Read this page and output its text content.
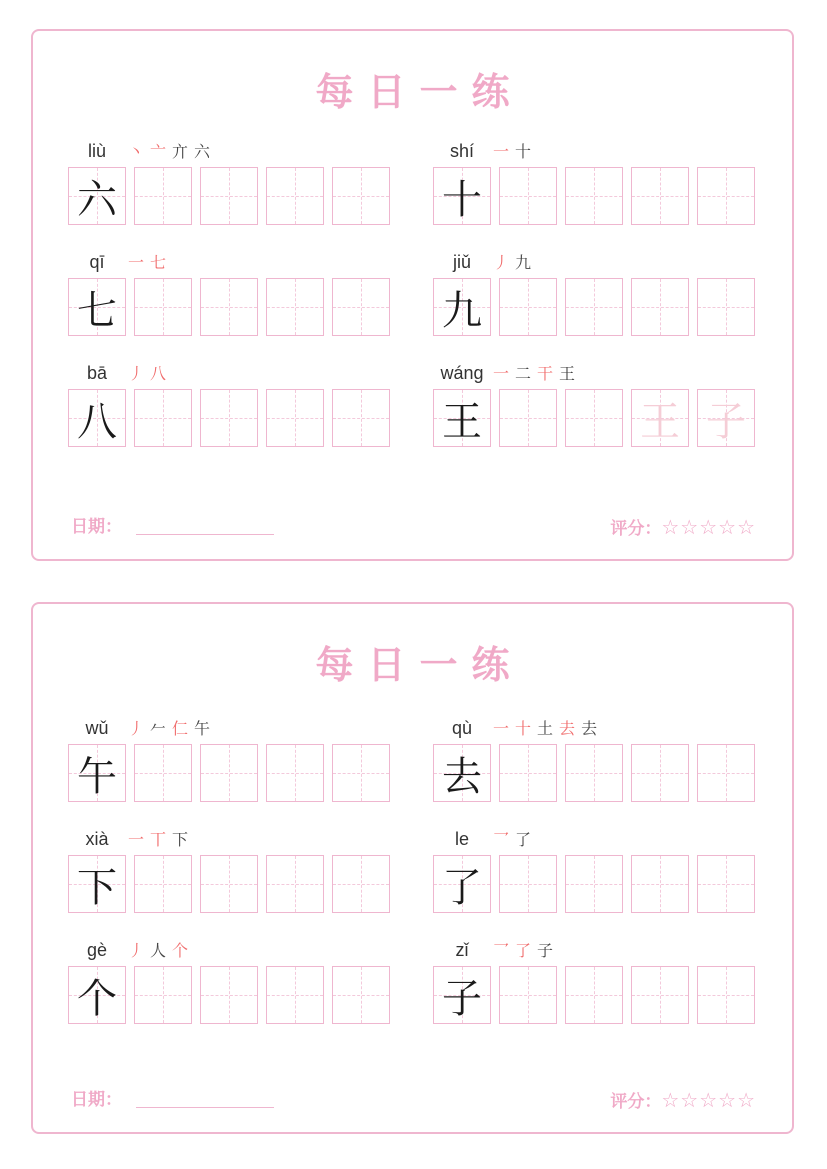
每日一练
liù	丶 亠 亣 六
六
shí	一 十
十
qī	一 七
七
jiǔ	丿 九
九
bā	丿 八
八
wáng 一 二 干 王
王	王 子
日期：	评分：☆☆☆☆☆
每日一练
wǔ	丿 𠂉 仁 午
午
qù	一 十 土 去 去
去
xià	一 丅 下
下
le	乛 了
了
gè	丿 人 个
个
zǐ	乛 了 子
子
日期：	评分：☆☆☆☆☆
